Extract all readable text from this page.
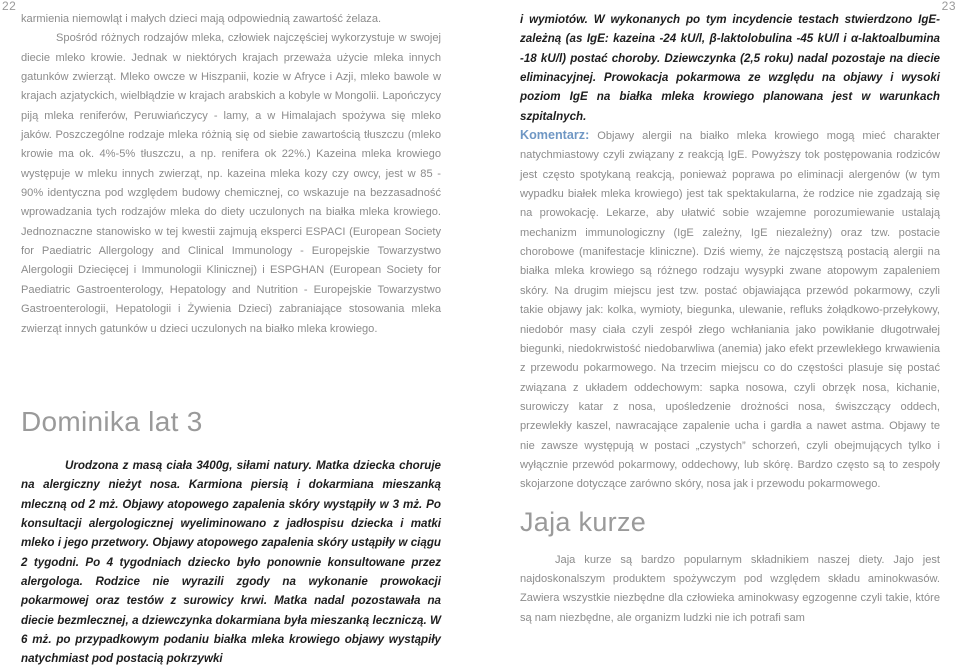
22	23

karmienia niemowląt i małych dzieci mają odpowiednią zawartość żelaza.

Spośród różnych rodzajów mleka, człowiek najczęściej wykorzystuje w swojej diecie mleko krowie. Jednak w niektórych krajach przeważa użycie mleka innych gatunków zwierząt. Mleko owcze w Hiszpanii, kozie w Afryce i Azji, mleko bawole w krajach azjatyckich, wielbłądzie w krajach arabskich a kobyle w Mongolii. Lapończycy piją mleka reniferów, Peruwiańczycy - lamy, a w Himalajach spożywa się mleko jaków. Poszczególne rodzaje mleka różnią się od siebie zawartością tłuszczu (mleko krowie ma ok. 4%-5% tłuszczu, a np. renifera ok 22%.) Kazeina mleka krowiego występuje w mleku innych zwierząt, np. kazeina mleka kozy czy owcy, jest w 85 - 90% identyczna pod względem budowy chemicznej, co wskazuje na bezzasadność wprowadzania tych rodzajów mleka do diety uczulonych na białka mleka krowiego. Jednoznaczne stanowisko w tej kwestii zajmują eksperci ESPACI (European Society for Paediatric Allergology and Clinical Immunology - Europejskie Towarzystwo Alergologii Dziecięcej i Immunologii Klinicznej) i ESPGHAN (European Society for Paediatric Gastroenterology, Hepatology and Nutrition - Europejskie Towarzystwo Gastroenterologii, Hepatologii i Żywienia Dzieci) zabraniające stosowania mleka zwierząt innych gatunków u dzieci uczulonych na białko mleka krowiego.

Dominika lat 3

Urodzona z masą ciała 3400g, siłami natury. Matka dziecka choruje na alergiczny nieżyt nosa. Karmiona piersią i dokarmiana mieszanką mleczną od 2 mż. Objawy atopowego zapalenia skóry wystąpiły w 3 mż. Po konsultacji alergologicznej wyeliminowano z jadłospisu dziecka i matki mleko i jego przetwory. Objawy atopowego zapalenia skóry ustąpiły w ciągu 2 tygodni. Po 4 tygodniach dziecko było ponownie konsultowane przez alergologa. Rodzice nie wyrazili zgody na wykonanie prowokacji pokarmowej oraz testów z surowicy krwi. Matka nadal pozostawała na diecie bezmlecznej, a dziewczynka dokarmiana była mieszanką leczniczą. W 6 mż. po przypadkowym podaniu białka mleka krowiego objawy wystąpiły natychmiast pod postacią pokrzywki

i wymiotów. W wykonanych po tym incydencie testach stwierdzono IgE-zależną (as IgE: kazeina -24 kU/l, β-laktolobulina -45 kU/l i α-laktoalbumina -18 kU/l) postać choroby. Dziewczynka (2,5 roku) nadal pozostaje na diecie eliminacyjnej. Prowokacja pokarmowa ze względu na objawy i wysoki poziom IgE na białka mleka krowiego planowana jest w warunkach szpitalnych.

Komentarz: Objawy alergii na białko mleka krowiego mogą mieć charakter natychmiastowy czyli związany z reakcją IgE. Powyższy tok postępowania rodziców jest często spotykaną reakcją, ponieważ poprawa po eliminacji alergenów (w tym wypadku białek mleka krowiego) jest tak spektakularna, że rodzice nie zgadzają się na prowokację. Lekarze, aby ułatwić sobie wzajemne porozumiewanie ustalają mechanizm immunologiczny (IgE zależny, IgE niezależny) oraz tzw. postacie chorobowe (manifestacje kliniczne). Dziś wiemy, że najczęstszą postacią alergii na białka mleka krowiego są różnego rodzaju wysypki zwane atopowym zapaleniem skóry. Na drugim miejscu jest tzw. postać objawiająca przewód pokarmowy, czyli takie objawy jak: kolka, wymioty, biegunka, ulewanie, refluks żołądkowo-przełykowy, niedobór masy ciała czyli zespół złego wchłaniania jako powikłanie długotrwałej biegunki, niedokrwistość niedobarwliwa (anemia) jako efekt przewlekłego krwawienia z przewodu pokarmowego. Na trzecim miejscu co do częstości plasuje się postać związana z układem oddechowym: sapka nosowa, czyli obrzęk nosa, kichanie, surowiczy katar z nosa, upośledzenie drożności nosa, świszczący oddech, przewlekły kaszel, nawracające zapalenie ucha i gardła a nawet astma. Objawy te nie zawsze występują w postaci „czystych” schorzeń, czyli obejmujących tylko i wyłącznie przewód pokarmowy, oddechowy, lub skórę. Bardzo często są to zespoły skojarzone dotyczące zarówno skóry, nosa jak i przewodu pokarmowego.

Jaja kurze

Jaja kurze są bardzo popularnym składnikiem naszej diety. Jajo jest najdoskonalszym produktem spożywczym pod względem składu aminokwasów. Zawiera wszystkie niezbędne dla człowieka aminokwasy egzogenne czyli takie, które są nam niezbędne, ale organizm ludzki nie ich potrafi sam
